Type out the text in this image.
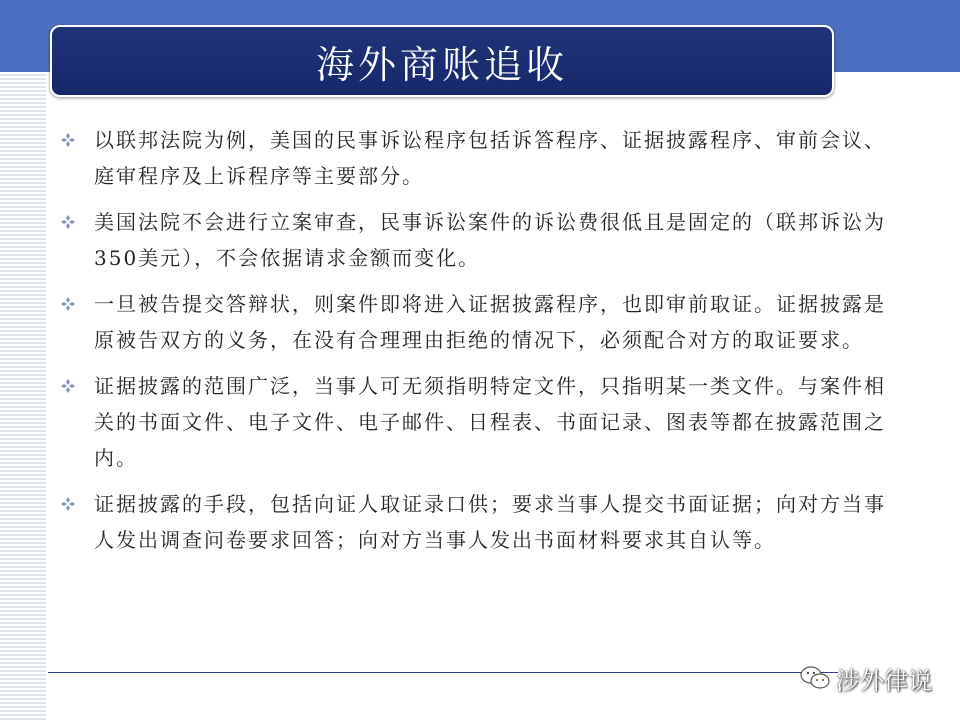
海外商账追收
以联邦法院为例，美国的民事诉讼程序包括诉答程序、证据披露程序、审前会议、庭审程序及上诉程序等主要部分。
美国法院不会进行立案审查，民事诉讼案件的诉讼费很低且是固定的（联邦诉讼为350美元），不会依据请求金额而变化。
一旦被告提交答辩状，则案件即将进入证据披露程序，也即审前取证。证据披露是原被告双方的义务，在没有合理理由拒绝的情况下，必须配合对方的取证要求。
证据披露的范围广泛，当事人可无须指明特定文件，只指明某一类文件。与案件相关的书面文件、电子文件、电子邮件、日程表、书面记录、图表等都在披露范围之内。
证据披露的手段，包括向证人取证录口供；要求当事人提交书面证据；向对方当事人发出调查问卷要求回答；向对方当事人发出书面材料要求其自认等。
涉外律说
